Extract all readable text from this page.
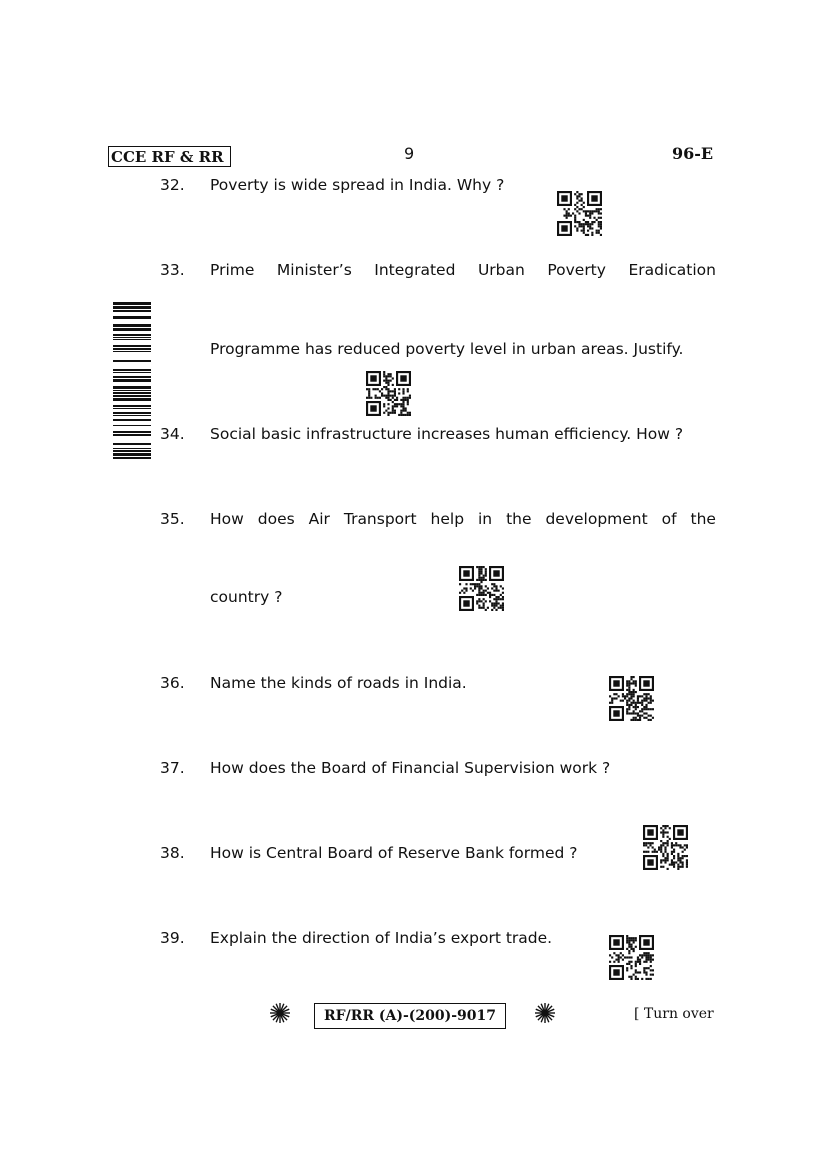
CCE RF & RR	9	96-E
32. Poverty is wide spread in India. Why ?
33. Prime Minister’s Integrated Urban Poverty Eradication
Programme has reduced poverty level in urban areas. Justify.
34. Social basic infrastructure increases human efficiency. How ?
35. How does Air Transport help in the development of the
country ?
36. Name the kinds of roads in India.
37. How does the Board of Financial Supervision work ?
38. How is Central Board of Reserve Bank formed ?
39. Explain the direction of India’s export trade.
RF/RR (A)-(200)-9017	[ Turn over
